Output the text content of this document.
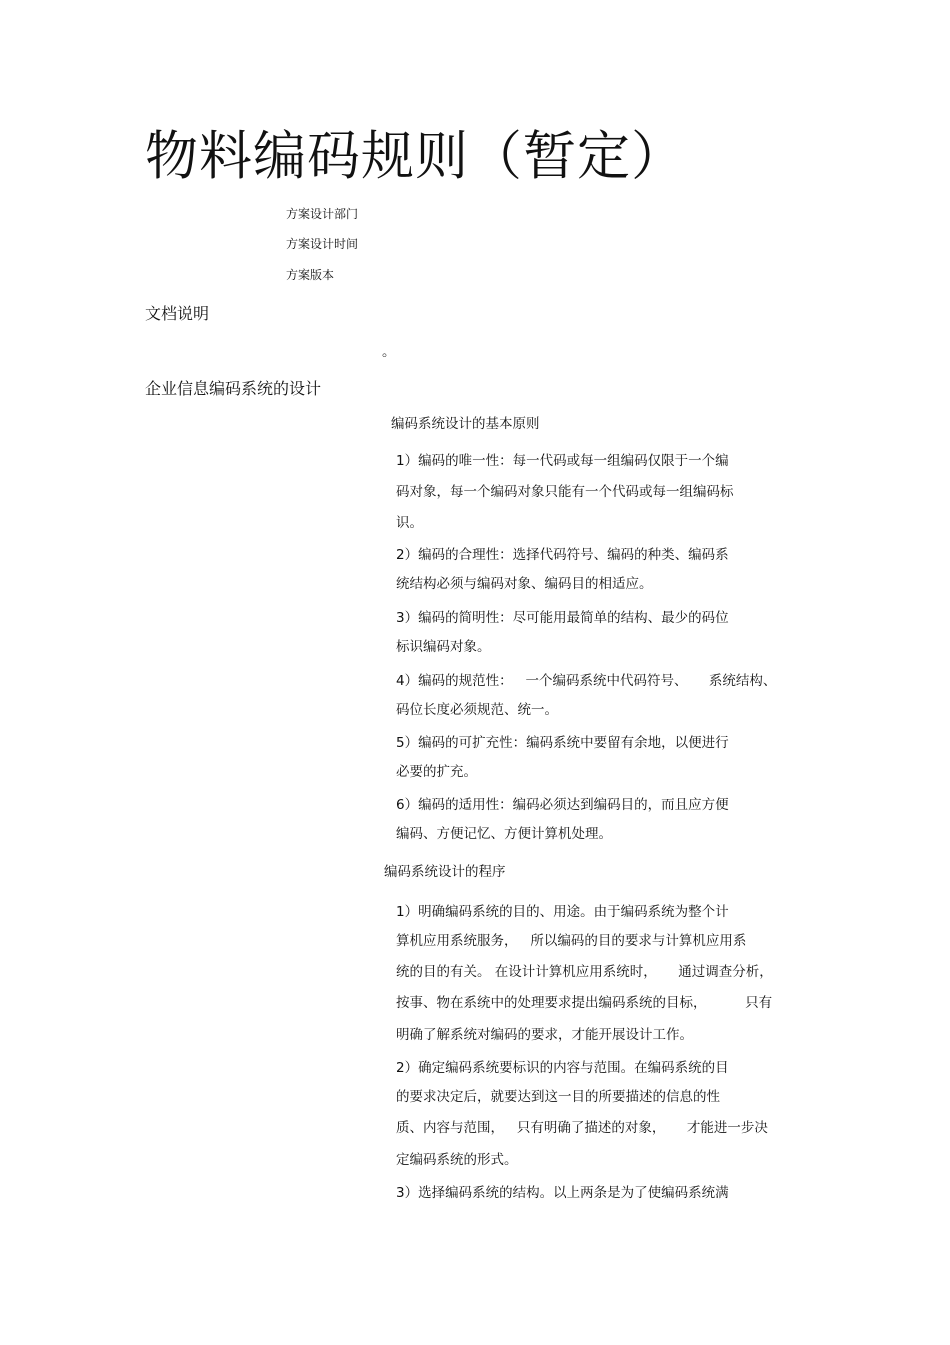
物料编码规则（暂定）
方案设计部门
方案设计时间
方案版本
文档说明
。
企业信息编码系统的设计
编码系统设计的基本原则
1）编码的唯一性：每一代码或每一组编码仅限于一个编
码对象，每一个编码对象只能有一个代码或每一组编码标
识。
2）编码的合理性：选择代码符号、编码的种类、编码系
统结构必须与编码对象、编码目的相适应。
3）编码的简明性：尽可能用最简单的结构、最少的码位
标识编码对象。
4）编码的规范性：   一个编码系统中代码符号、     系统结构、
码位长度必须规范、统一。
5）编码的可扩充性：编码系统中要留有余地，以便进行
必要的扩充。
6）编码的适用性：编码必须达到编码目的，而且应方便
编码、方便记忆、方便计算机处理。
编码系统设计的程序
1）明确编码系统的目的、用途。由于编码系统为整个计
算机应用系统服务，   所以编码的目的要求与计算机应用系
统的目的有关。 在设计计算机应用系统时，     通过调查分析，
按事、物在系统中的处理要求提出编码系统的目标，         只有
明确了解系统对编码的要求，才能开展设计工作。
2）确定编码系统要标识的内容与范围。在编码系统的目
的要求决定后，就要达到这一目的所要描述的信息的性
质、内容与范围，   只有明确了描述的对象，     才能进一步决
定编码系统的形式。
3）选择编码系统的结构。以上两条是为了使编码系统满
